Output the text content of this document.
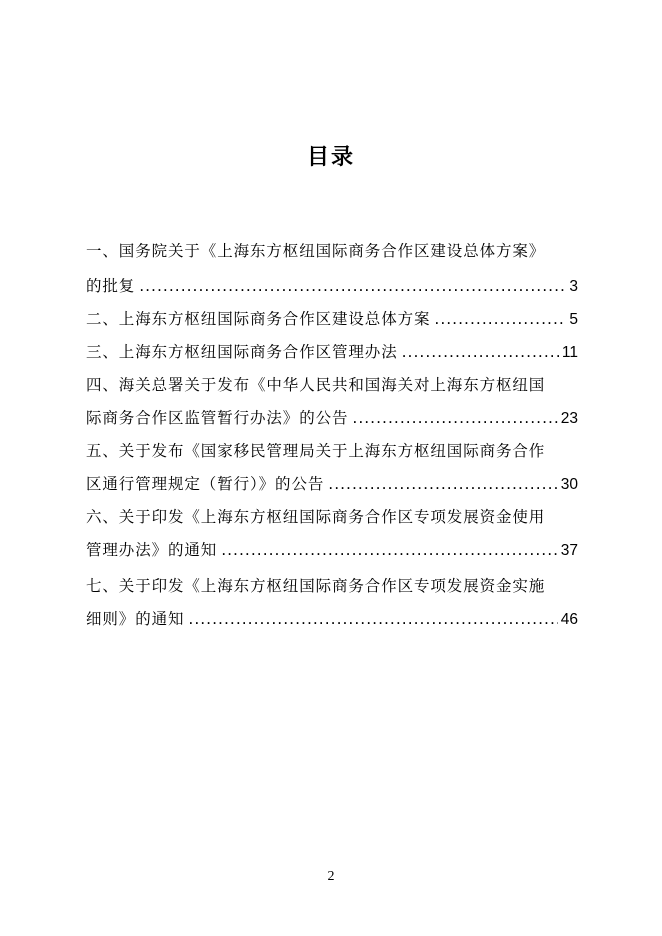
目录
一、国务院关于《上海东方枢纽国际商务合作区建设总体方案》
的批复 .....	3
二、上海东方枢纽国际商务合作区建设总体方案 .....	5
三、上海东方枢纽国际商务合作区管理办法 .....	11
四、海关总署关于发布《中华人民共和国海关对上海东方枢纽国
际商务合作区监管暂行办法》的公告 .....	23
五、关于发布《国家移民管理局关于上海东方枢纽国际商务合作
区通行管理规定（暂行）》的公告 .....	30
六、关于印发《上海东方枢纽国际商务合作区专项发展资金使用
管理办法》的通知 .....	37
七、关于印发《上海东方枢纽国际商务合作区专项发展资金实施
细则》的通知 .....	46
2
